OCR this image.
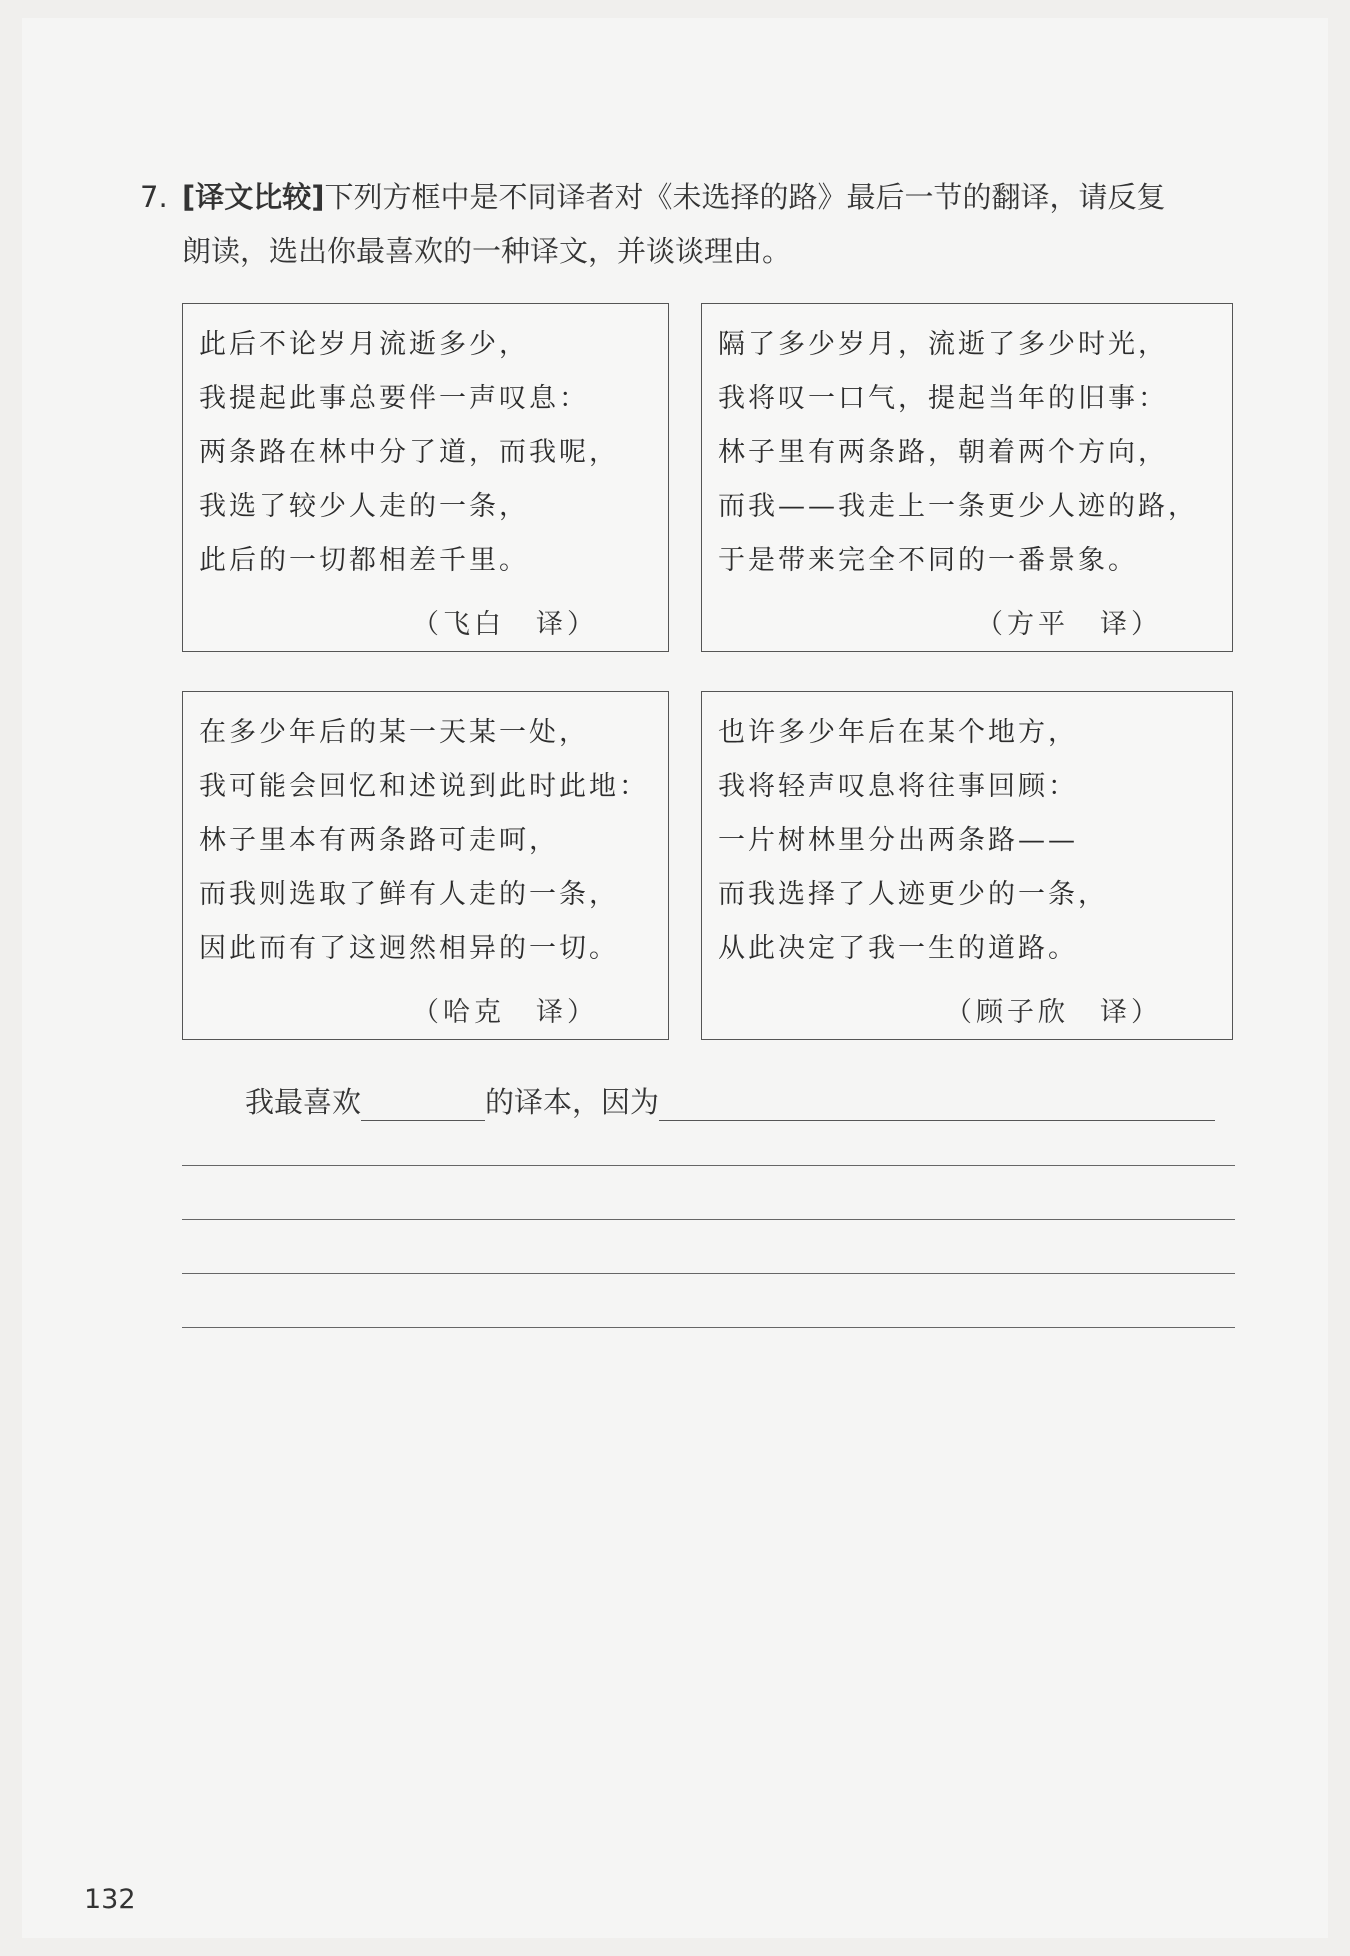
7. [译文比较]下列方框中是不同译者对《未选择的路》最后一节的翻译，请反复
朗读，选出你最喜欢的一种译文，并谈谈理由。
此后不论岁月流逝多少，
我提起此事总要伴一声叹息：
两条路在林中分了道，而我呢，
我选了较少人走的一条，
此后的一切都相差千里。
（飞白　译）
隔了多少岁月，流逝了多少时光，
我将叹一口气，提起当年的旧事：
林子里有两条路，朝着两个方向，
而我——我走上一条更少人迹的路，
于是带来完全不同的一番景象。
（方平　译）
在多少年后的某一天某一处，
我可能会回忆和述说到此时此地：
林子里本有两条路可走呵，
而我则选取了鲜有人走的一条，
因此而有了这迥然相异的一切。
（哈克　译）
也许多少年后在某个地方，
我将轻声叹息将往事回顾：
一片树林里分出两条路——
而我选择了人迹更少的一条，
从此决定了我一生的道路。
（顾子欣　译）
我最喜欢	的译本，因为
132
